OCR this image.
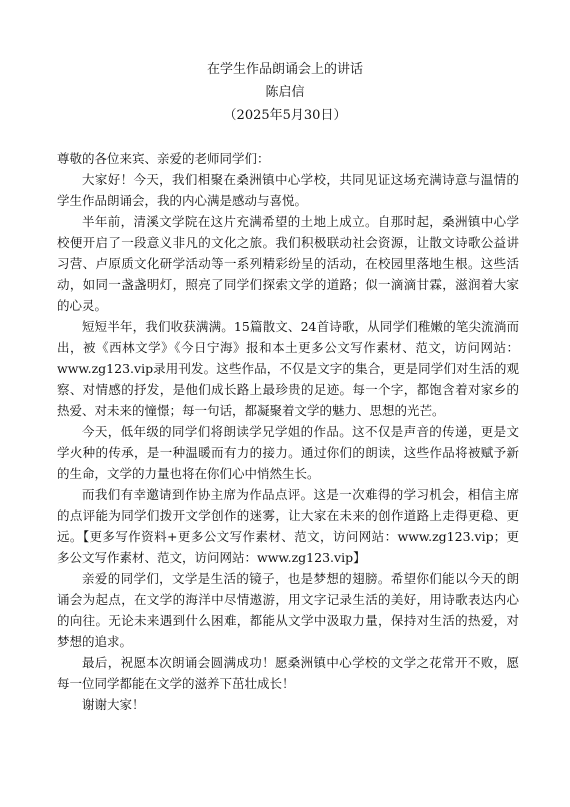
在学生作品朗诵会上的讲话
陈启信
（2025年5月30日）

尊敬的各位来宾、亲爱的老师同学们：

大家好！今天，我们相聚在桑洲镇中心学校，共同见证这场充满诗意与温情的学生作品朗诵会，我的内心满是感动与喜悦。

半年前，清溪文学院在这片充满希望的土地上成立。自那时起，桑洲镇中心学校便开启了一段意义非凡的文化之旅。我们积极联动社会资源，让散文诗歌公益讲习营、卢原质文化研学活动等一系列精彩纷呈的活动，在校园里落地生根。这些活动，如同一盏盏明灯，照亮了同学们探索文学的道路；似一滴滴甘霖，滋润着大家的心灵。

短短半年，我们收获满满。15篇散文、24首诗歌，从同学们稚嫩的笔尖流淌而出，被《西林文学》《今日宁海》报和本土更多公文写作素材、范文，访问网站：www.zg123.vip录用刊发。这些作品，不仅是文字的集合，更是同学们对生活的观察、对情感的抒发，是他们成长路上最珍贵的足迹。每一个字，都饱含着对家乡的热爱、对未来的憧憬；每一句话，都凝聚着文学的魅力、思想的光芒。

今天，低年级的同学们将朗读学兄学姐的作品。这不仅是声音的传递，更是文学火种的传承，是一种温暖而有力的接力。通过你们的朗读，这些作品将被赋予新的生命，文学的力量也将在你们心中悄然生长。

而我们有幸邀请到作协主席为作品点评。这是一次难得的学习机会，相信主席的点评能为同学们拨开文学创作的迷雾，让大家在未来的创作道路上走得更稳、更远。【更多写作资料+更多公文写作素材、范文，访问网站：www.zg123.vip；更多公文写作素材、范文，访问网站：www.zg123.vip】

亲爱的同学们，文学是生活的镜子，也是梦想的翅膀。希望你们能以今天的朗诵会为起点，在文学的海洋中尽情遨游，用文字记录生活的美好，用诗歌表达内心的向往。无论未来遇到什么困难，都能从文学中汲取力量，保持对生活的热爱，对梦想的追求。

最后，祝愿本次朗诵会圆满成功！愿桑洲镇中心学校的文学之花常开不败，愿每一位同学都能在文学的滋养下茁壮成长！

谢谢大家！
